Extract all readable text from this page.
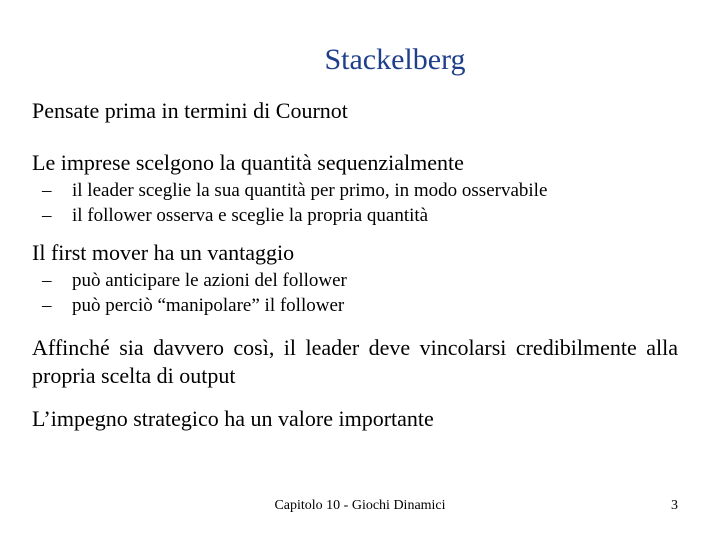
Stackelberg

Pensate prima in termini di Cournot

Le imprese scelgono la quantità sequenzialmente

–	il leader sceglie la sua quantità per primo, in modo osservabile
–	il follower osserva e sceglie la propria quantità

Il first mover ha un vantaggio

–	può anticipare le azioni del follower
–	può perciò “manipolare” il follower

Affinché sia davvero così, il leader deve vincolarsi credibilmente alla propria scelta di output

L’impegno strategico ha un valore importante

Capitolo 10 - Giochi Dinamici	3
